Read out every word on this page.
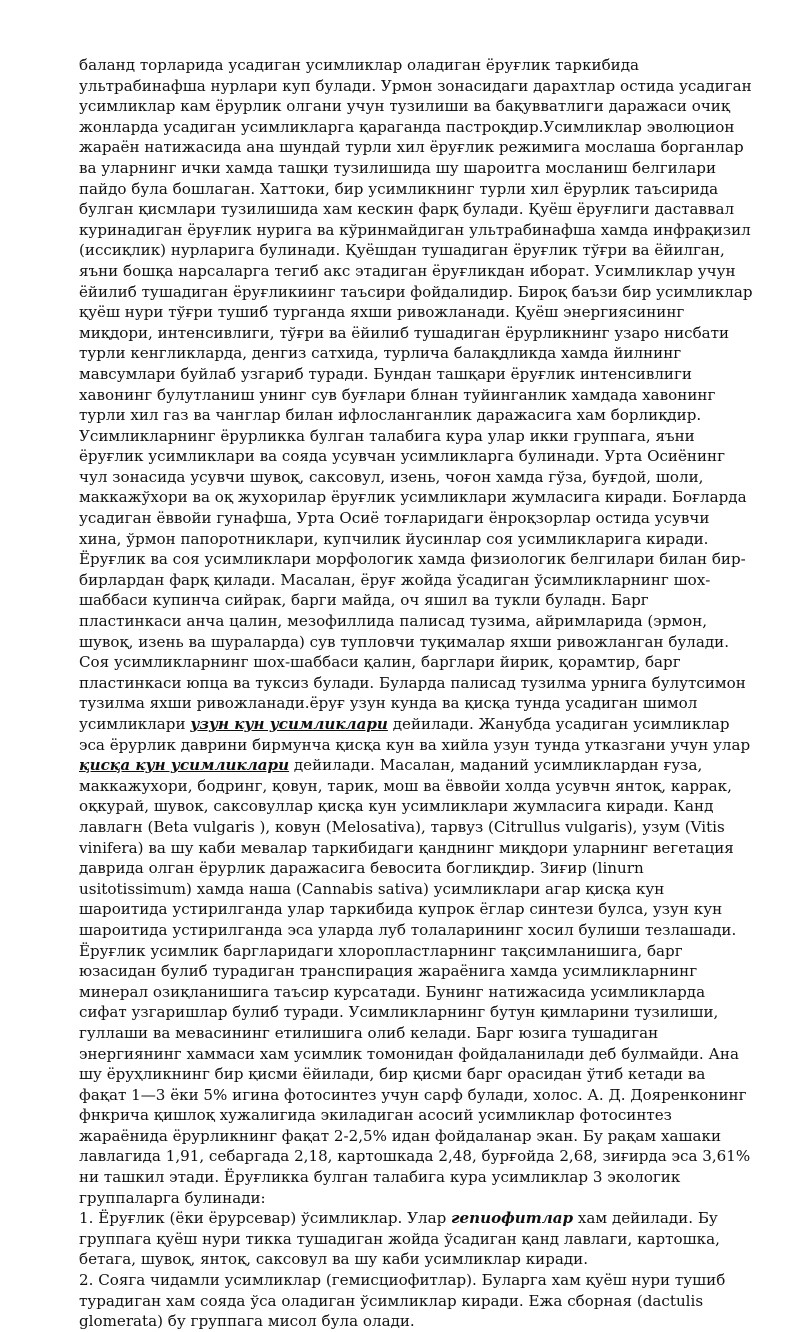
баланд торларида усадиган усимликлар оладиган ёруғлик таркибида ультрабинафша нурлари куп булади. Урмон зонасидаги дарахтлар остида усадиган усимликлар кам ёрурлик олгани учун тузилиши ва бақувватлиги даражаси очиқ жонларда усадиган усимликларга қараганда пастроқдир.Усимликлар эволюцион жараён натижасида ана шундай турли хил ёруғлик режимига мослаша борганлар ва уларнинг ички хамда ташқи тузилишида шу шароитга мосланиш белгилари пайдо була бошлаган. Хаттоки, бир усимликнинг турли хил ёрурлик таъсирида булган қисмлари тузилишида хам кескин фарқ булади. Қуёш ёруғлиги даставвал куринадиган ёруғлик нурига ва кўринмайдиган ультрабинафша хамда инфрақизил (иссиқлик) нурларига булинади. Қуёшдан тушадиган ёруғлик тўғри ва ёйилган, яъни бошқа нарсаларга тегиб акс этадиган ёруғликдан иборат. Усимликлар учун ёйилиб тушадиган ёруғликиинг таъсири фойдалидир. Бироқ баъзи бир усимликлар қуёш нури тўғри тушиб турганда яхши ривожланади. Қуёш энергиясининг миқдори, интенсивлиги, тўғри ва ёйилиб тушадиган ёрурликнинг узаро нисбати турли кенгликларда, денгиз сатхида, турлича балақдликда хамда йилнинг мавсумлари буйлаб узгариб туради. Бундан ташқари ёруғлик интенсивлиги хавонинг булутланиш унинг сув буғлари блнан туйинганлик хамдада хавонинг турли хил газ ва чанглар билан ифлосланганлик даражасига хам борлиқдир. Усимликларнинг ёрурликка булган талабига кура улар икки группага, яъни ёруғлик усимликлари ва сояда усувчан усимликларга булинади. Урта Осиёнинг чул зонасида усувчи шувоқ, саксовул, изень, чоғон хамда гўза, буғдой, шоли, маккажўхори ва оқ жухорилар ёруғлик усимликлари жумласига киради. Боғларда усадиган ёввойи гунафша, Урта Осиё тоғларидаги ёнроқзорлар остида усувчи хина, ўрмон папоротниклари, купчилик йусинлар соя усимликларига киради. Ёруғлик ва соя усимликлари морфологик хамда физиологик белгилари билан бир-бирлардан фарқ қилади. Масалан, ёруғ жойда ўсадиган ўсимликларнинг шох-шаббаси купинча сийрак, барги майда, оч яшил ва тукли буладн. Барг пластинкаси анча цалин, мезофиллида палисад тузима, айримларида (эрмон, шувоқ, изень ва шураларда) сув тупловчи туқималар яхши ривожланган булади.

Соя усимликларнинг шох-шаббаси қалин, барглари йирик, қорамтир, барг пластинкаси юпца ва туксиз булади. Буларда палисад тузилма урнига булутсимон тузилма яхши ривожланади.ёруғ узун кунда ва қисқа тунда усадиган шимол усимликлари узун кун усимликлари дейилади. Жанубда усадиган усимликлар эса ёрурлик даврини бирмунча қисқа кун ва хийла узун тунда утказгани учун улар қисқа кун усимликлари дейилади. Масалан, маданий усимликлардан ғуза, маккажухори, бодринг, қовун, тарик, мош ва ёввойи холда усувчн янтоқ, каррак, оқкурай, шувок, саксовуллар қисқа кун усимликлари жумласига киради. Канд лавлагн (Beta vulgaris ), ковун (Melosativa), тарвуз (Citrullus vulgaris), узум (Vitis vinifera) ва шу каби мевалар таркибидаги қанднинг миқдори уларнинг вегетация даврида олган ёрурлик даражасига бевосита боглиқдир. Зиғир (linurn usitotissimum) хамда наша (Cannabis sativa) усимликлари агар қисқа кун шароитида устирилганда улар таркибида купрок ёглар синтези булса, узун кун шароитида устирилганда эса уларда луб толаларининг хосил булиши тезлашади. Ёруғлик усимлик баргларидаги хлоропластларнинг тақсимланишига, барг юзасидан булиб турадиган транспирация жараёнига хамда усимликларнинг минерал озиқланишига таъсир курсатади. Бунинг натижасида усимликларда сифат узгаришлар булиб туради. Усимликларнинг бутун қимларини тузилиши, гуллаши ва мевасининг етилишига олиб келади. Барг юзига тушадиган энергиянинг хаммаси хам усимлик томонидан фойдаланилади деб булмайди. Ана шу ёруҳликнинг бир қисми ёйилади, бир қисми барг орасидан ўтиб кетади ва фақат 1—3 ёки 5% игина фотосинтез учун сарф булади, холос. А. Д. Дояренконинг фнкрича қишлоқ хужалигида экиладиган асосий усимликлар фотосинтез жараёнида ёрурликнинг фақат 2-2,5% идан фойдаланар экан. Бу рақам хашаки лавлагида 1,91, себаргада 2,18, картошкада 2,48, бурғойда 2,68, зиғирда эса 3,61% ни ташкил этади. Ёруғликка булган талабига кура усимликлар 3 экологик группаларга булинади:

1. Ёруғлик (ёки ёрурсевар) ўсимликлар. Улар гепиофитлар хам дейилади. Бу группага қуёш нури тикка тушадиган жойда ўсадиган қанд лавлаги, картошка, бетага, шувоқ, янтоқ, саксовул ва шу каби усимликлар киради.

2. Сояга чидамли усимликлар (гемисциофитлар). Буларга хам қуёш нури тушиб турадиган хам сояда ўса оладиган ўсимликлар киради. Ежа сборная (dactulis glomerata) бу группага мисол була олади.
